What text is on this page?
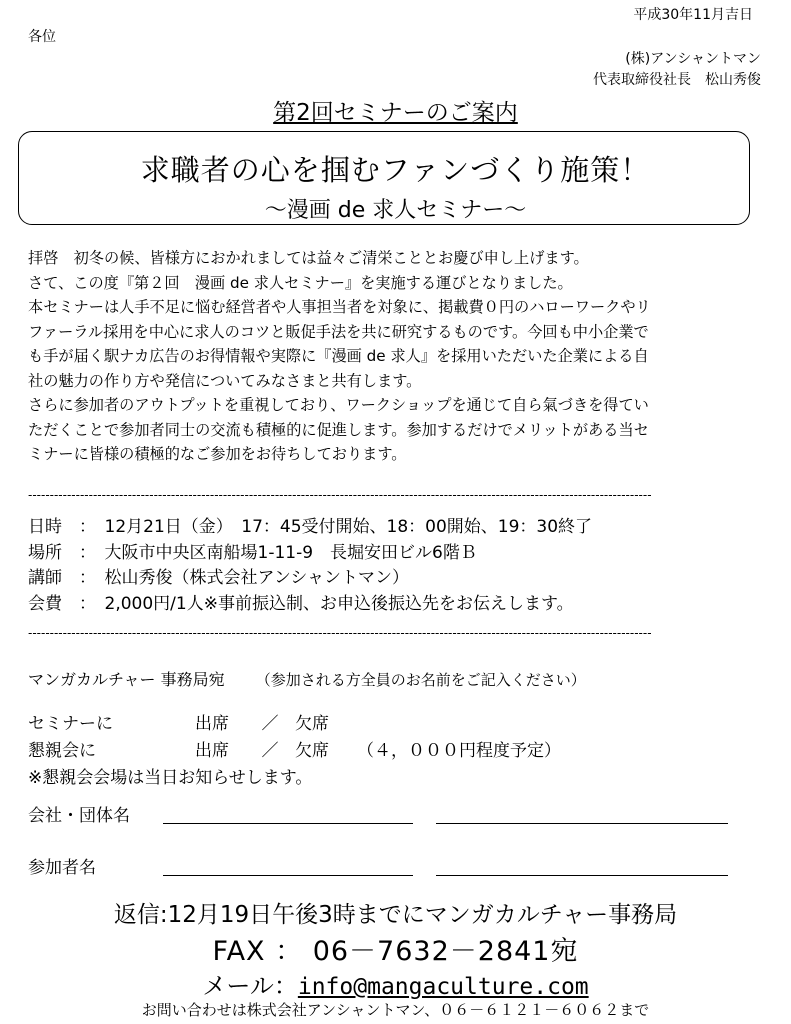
平成30年11月吉日
各位
(株)アンシャントマン
代表取締役社長　松山秀俊
第2回セミナーのご案内
求職者の心を掴むファンづくり施策！
～漫画 de 求人セミナー～
拝啓　初冬の候、皆様方におかれましては益々ご清栄こととお慶び申し上げます。
さて、この度『第２回　漫画 de 求人セミナー』を実施する運びとなりました。
本セミナーは人手不足に悩む経営者や人事担当者を対象に、掲載費０円のハローワークやリ
ファーラル採用を中心に求人のコツと販促手法を共に研究するものです。今回も中小企業で
も手が届く駅ナカ広告のお得情報や実際に『漫画 de 求人』を採用いただいた企業による自
社の魅力の作り方や発信についてみなさまと共有します。
さらに参加者のアウトプットを重視しており、ワークショップを通じて自ら氣づきを得てい
ただくことで参加者同士の交流も積極的に促進します。参加するだけでメリットがある当セ
ミナーに皆様の積極的なご参加をお待ちしております。
------------------------------------------------------------------------------------------------------------------------------------------------
日時　：　12月21日（金）　17：45受付開始、18：00開始、19：30終了
場所　：　大阪市中央区南船場1-11-9　長堀安田ビル6階Ｂ
講師　：　松山秀俊（株式会社アンシャントマン）
会費　：　2,000円/1人※事前振込制、お申込後振込先をお伝えします。
------------------------------------------------------------------------------------------------------------------------------------------------
マンガカルチャー 事務局宛 （参加される方全員のお名前をご記入ください）
セミナーに	出席 ／ 欠席
懇親会に	出席 ／ 欠席 （４，０００円程度予定）
※懇親会会場は当日お知らせします。
会社・団体名
参加者名
返信:12月19日午後3時までにマンガカルチャー事務局
FAX ： 06－7632－2841宛
メール：info@mangaculture.com
お問い合わせは株式会社アンシャントマン、０６－６１２１－６０６２まで
